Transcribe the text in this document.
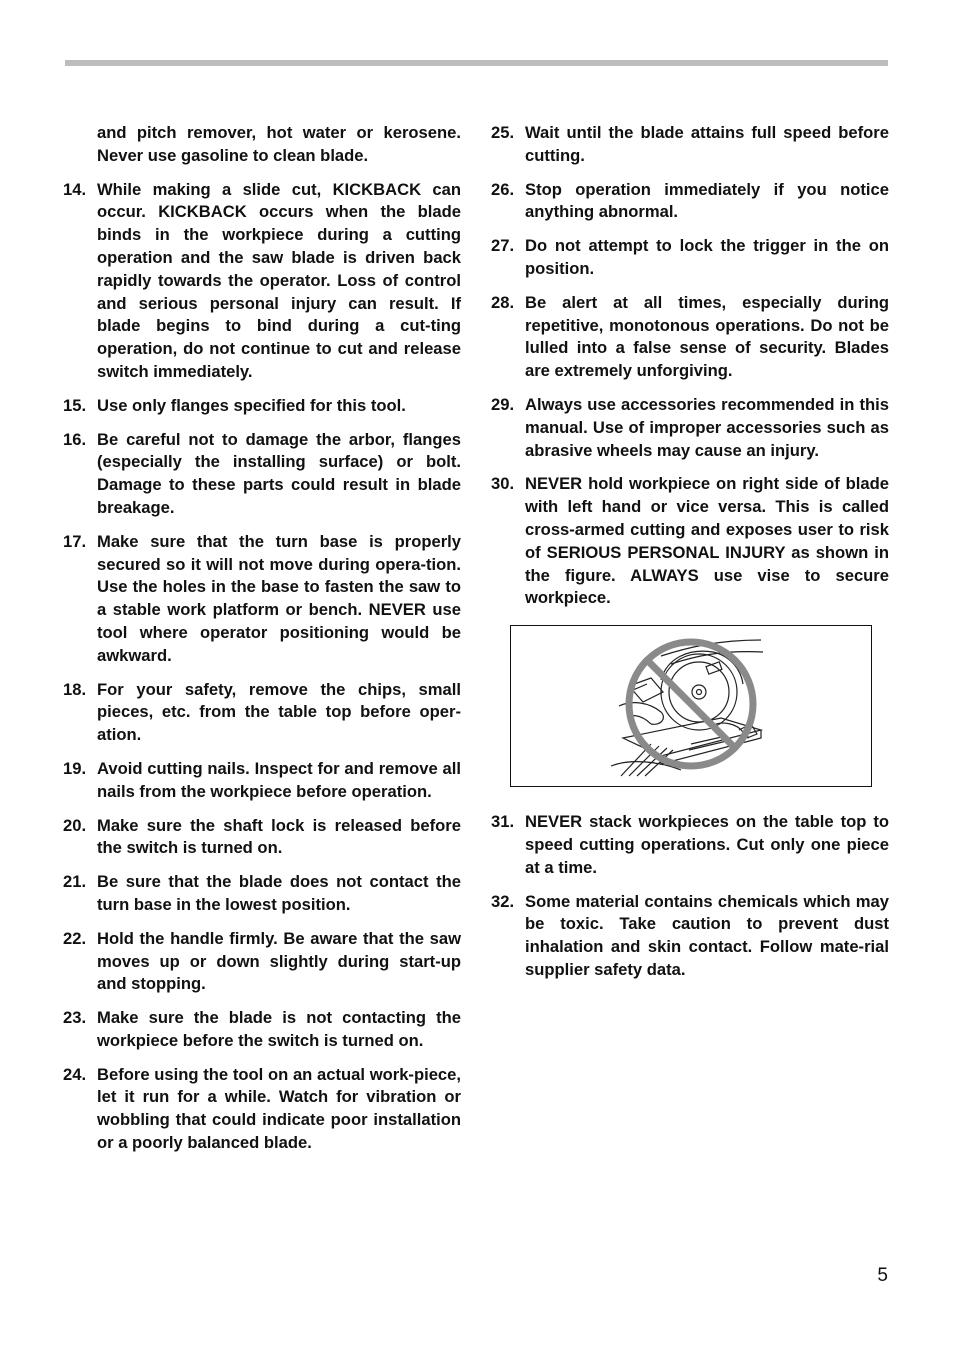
and pitch remover, hot water or kerosene. Never use gasoline to clean blade.
14. While making a slide cut, KICKBACK can occur. KICKBACK occurs when the blade binds in the workpiece during a cutting operation and the saw blade is driven back rapidly towards the operator. Loss of control and serious personal injury can result. If blade begins to bind during a cut-ting operation, do not continue to cut and release switch immediately.
15. Use only flanges specified for this tool.
16. Be careful not to damage the arbor, flanges (especially the installing surface) or bolt. Damage to these parts could result in blade breakage.
17. Make sure that the turn base is properly secured so it will not move during opera-tion. Use the holes in the base to fasten the saw to a stable work platform or bench. NEVER use tool where operator positioning would be awkward.
18. For your safety, remove the chips, small pieces, etc. from the table top before oper-ation.
19. Avoid cutting nails. Inspect for and remove all nails from the workpiece before operation.
20. Make sure the shaft lock is released before the switch is turned on.
21. Be sure that the blade does not contact the turn base in the lowest position.
22. Hold the handle firmly. Be aware that the saw moves up or down slightly during start-up and stopping.
23. Make sure the blade is not contacting the workpiece before the switch is turned on.
24. Before using the tool on an actual work-piece, let it run for a while. Watch for vibration or wobbling that could indicate poor installation or a poorly balanced blade.
25. Wait until the blade attains full speed before cutting.
26. Stop operation immediately if you notice anything abnormal.
27. Do not attempt to lock the trigger in the on position.
28. Be alert at all times, especially during repetitive, monotonous operations. Do not be lulled into a false sense of security. Blades are extremely unforgiving.
29. Always use accessories recommended in this manual. Use of improper accessories such as abrasive wheels may cause an injury.
30. NEVER hold workpiece on right side of blade with left hand or vice versa. This is called cross-armed cutting and exposes user to risk of SERIOUS PERSONAL INJURY as shown in the figure. ALWAYS use vise to secure workpiece.
31. NEVER stack workpieces on the table top to speed cutting operations. Cut only one piece at a time.
32. Some material contains chemicals which may be toxic. Take caution to prevent dust inhalation and skin contact. Follow mate-rial supplier safety data.
5
